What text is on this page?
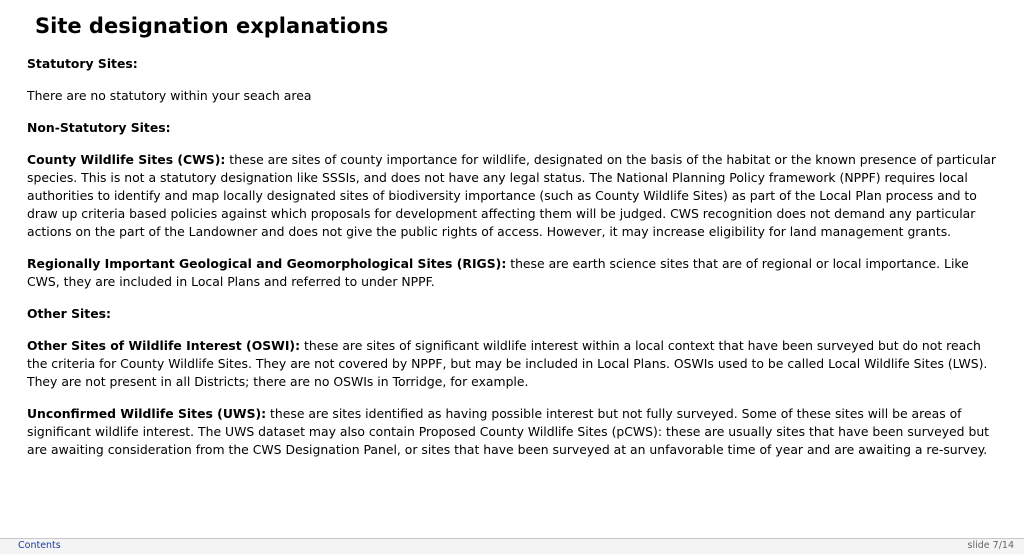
Site designation explanations

Statutory Sites:

There are no statutory within your seach area

Non-Statutory Sites:

County Wildlife Sites (CWS): these are sites of county importance for wildlife, designated on the basis of the habitat or the known presence of particular species. This is not a statutory designation like SSSIs, and does not have any legal status. The National Planning Policy framework (NPPF) requires local authorities to identify and map locally designated sites of biodiversity importance (such as County Wildlife Sites) as part of the Local Plan process and to draw up criteria based policies against which proposals for development affecting them will be judged. CWS recognition does not demand any particular actions on the part of the Landowner and does not give the public rights of access. However, it may increase eligibility for land management grants.

Regionally Important Geological and Geomorphological Sites (RIGS): these are earth science sites that are of regional or local importance. Like CWS, they are included in Local Plans and referred to under NPPF.

Other Sites:

Other Sites of Wildlife Interest (OSWI): these are sites of significant wildlife interest within a local context that have been surveyed but do not reach the criteria for County Wildlife Sites. They are not covered by NPPF, but may be included in Local Plans. OSWIs used to be called Local Wildlife Sites (LWS). They are not present in all Districts; there are no OSWIs in Torridge, for example.

Unconfirmed Wildlife Sites (UWS): these are sites identified as having possible interest but not fully surveyed. Some of these sites will be areas of significant wildlife interest. The UWS dataset may also contain Proposed County Wildlife Sites (pCWS): these are usually sites that have been surveyed but are awaiting consideration from the CWS Designation Panel, or sites that have been surveyed at an unfavorable time of year and are awaiting a re-survey.

Contents	slide 7/14
